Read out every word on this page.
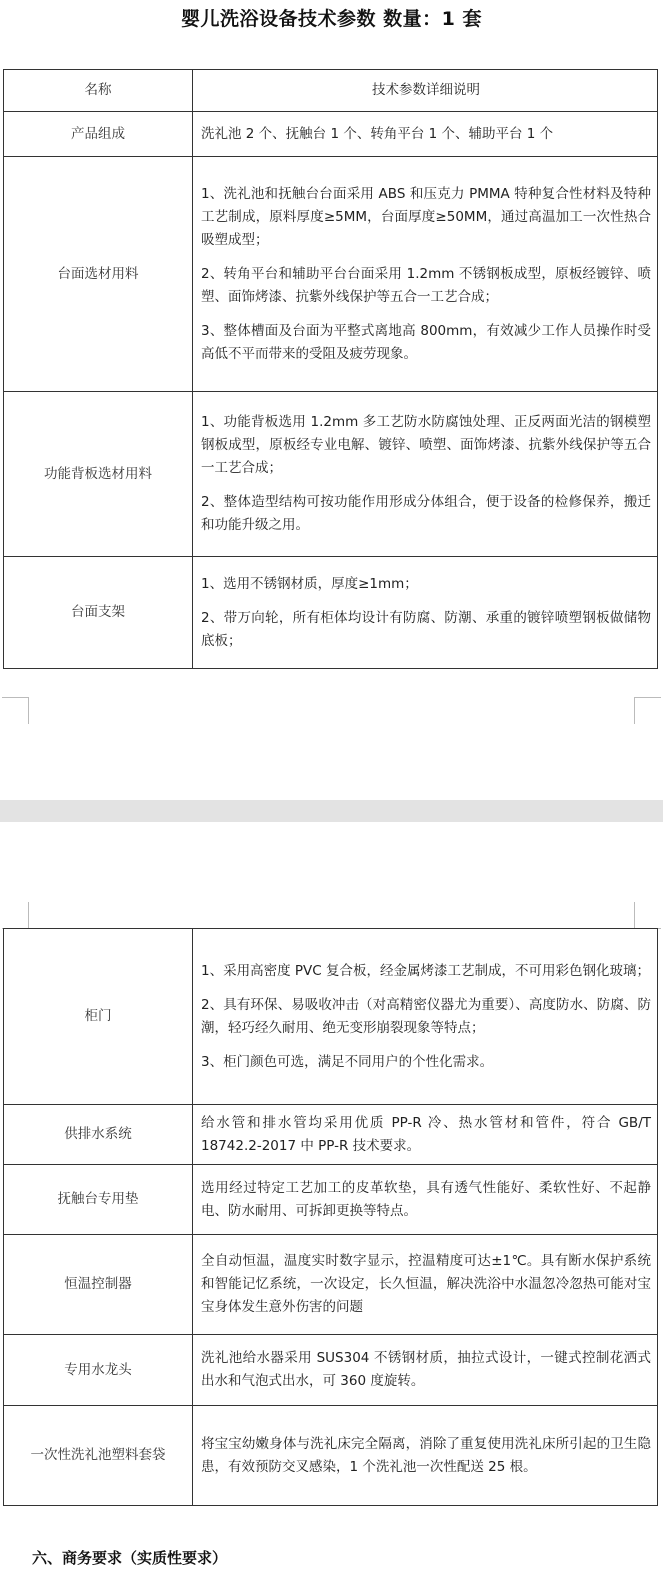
婴儿洗浴设备技术参数 数量：1 套
名称	技术参数详细说明
产品组成	洗礼池 2 个、抚触台 1 个、转角平台 1 个、辅助平台 1 个

台面选材用料	1、洗礼池和抚触台台面采用 ABS 和压克力 PMMA 特种复合性材料及特种工艺制成，原料厚度≥5MM，台面厚度≥50MM，通过高温加工一次性热合吸塑成型；

2、转角平台和辅助平台台面采用 1.2mm 不锈钢板成型，原板经镀锌、喷塑、面饰烤漆、抗紫外线保护等五合一工艺合成；

3、整体槽面及台面为平整式离地高 800mm，有效减少工作人员操作时受高低不平而带来的受阻及疲劳现象。

功能背板选材用料	1、功能背板选用 1.2mm 多工艺防水防腐蚀处理、正反两面光洁的钢模塑钢板成型，原板经专业电解、镀锌、喷塑、面饰烤漆、抗紫外线保护等五合一工艺合成；

2、整体造型结构可按功能作用形成分体组合，便于设备的检修保养，搬迁和功能升级之用。

台面支架	1、选用不锈钢材质，厚度≥1mm；

2、带万向轮，所有柜体均设计有防腐、防潮、承重的镀锌喷塑钢板做储物底板；

柜门	1、采用高密度 PVC 复合板，经金属烤漆工艺制成，不可用彩色钢化玻璃；

2、具有环保、易吸收冲击（对高精密仪器尤为重要）、高度防水、防腐、防潮，轻巧经久耐用、绝无变形崩裂现象等特点；

3、柜门颜色可选，满足不同用户的个性化需求。

供排水系统	给水管和排水管均采用优质 PP-R 冷、热水管材和管件，符合 GB/T 18742.2-2017 中 PP-R 技术要求。

抚触台专用垫	选用经过特定工艺加工的皮革软垫，具有透气性能好、柔软性好、不起静电、防水耐用、可拆卸更换等特点。

恒温控制器	全自动恒温，温度实时数字显示，控温精度可达±1℃。具有断水保护系统和智能记忆系统，一次设定，长久恒温，解决洗浴中水温忽冷忽热可能对宝宝身体发生意外伤害的问题

专用水龙头	洗礼池给水器采用 SUS304 不锈钢材质，抽拉式设计，一键式控制花洒式出水和气泡式出水，可 360 度旋转。

一次性洗礼池塑料套袋	将宝宝幼嫩身体与洗礼床完全隔离，消除了重复使用洗礼床所引起的卫生隐患，有效预防交叉感染，1 个洗礼池一次性配送 25 根。

六、商务要求（实质性要求）
